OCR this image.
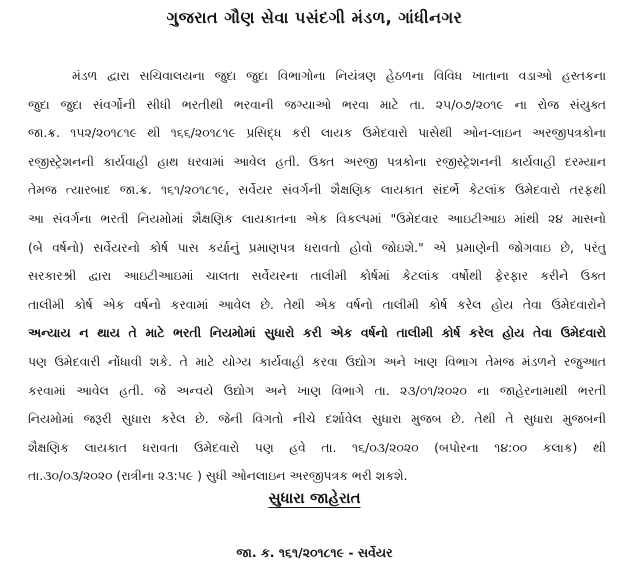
ગુજરાત ગૌણ સેવા પસંદગી મંડળ, ગાંધીનગર
મંડળ દ્વારા સચિવાલયના જુદા જુદા વિભાગોના નિયંત્રણ હેઠળના વિવિધ ખાતાના વડાઓ હસ્તકના
જુદા જુદા સંવર્ગોની સીધી ભરતીથી ભરવાની જગ્યાઓ ભરવા માટે તા. ૨૫/૦૭/૨૦૧૯ ના રોજ સંયુક્ત
જા.ક્ર. ૧૫૨/૨૦૧૮૧૯ થી ૧૬૬/૨૦૧૮૧૯ પ્રસિદ્ધ કરી લાયક ઉમેદવારો પાસેથી ઓન-લાઇન અરજીપત્રકોના
રજીસ્ટ્રેશનની કાર્યવાહી હાથ ધરવામાં આવેલ હતી. ઉક્ત અરજી પત્રકોના રજીસ્ટ્રેશનની કાર્યવાહી દરમ્યાન
તેમજ ત્યારબાદ જા.ક્ર. ૧૬૧/૨૦૧૮૧૯, સર્વેયર સંવર્ગની શૈક્ષણિક લાયકાત સંદર્ભે કેટલાંક ઉમેદવારો તરફથી
આ સંવર્ગના ભરતી નિયમોમાં શૈક્ષણિક લાયકાતના એક વિકલ્પમાં "ઉમેદવાર આઇટીઆઇ માંથી ૨૪ માસનો
(બે વર્ષનો) સર્વેયરનો કોર્ષ પાસ કર્યાનું પ્રમાણપત્ર ધરાવતો હોવો જોઇશે." એ પ્રમાણેની જોગવાઇ છે, પરંતુ
સરકારશ્રી દ્વારા આઇટીઆઇમાં ચાલતા સર્વેયરના તાલીમી કોર્ષમાં કેટલાંક વર્ષોથી ફેરફાર કરીને ઉક્ત
તાલીમી કોર્ષ એક વર્ષનો કરવામાં આવેલ છે. તેથી એક વર્ષનો તાલીમી કોર્ષ કરેલ હોય તેવા ઉમેદવારોને
અન્યાય ન થાય તે માટે ભરતી નિયમોમાં સુધારો કરી એક વર્ષનો તાલીમી કોર્ષ કરેલ હોય તેવા ઉમેદવારો
પણ ઉમેદવારી નોંધાવી શકે. તે માટે યોગ્ય કાર્યવાહી કરવા ઉદ્યોગ અને ખાણ વિભાગ તેમજ મંડળને રજુઆત
કરવામાં આવેલ હતી. જે અન્વયે ઉદ્યોગ અને ખાણ વિભાગે તા. ૨૩/૦૧/૨૦૨૦ ના જાહેરનામાથી ભરતી
નિયમોમાં જરૂરી સુધારા કરેલ છે. જેની વિગતો નીચે દર્શાવેલ સુધારા મુજબ છે. તેથી તે સુધારા મુજબની
શૈક્ષણિક લાયકાત ધરાવતા ઉમેદવારો પણ હવે તા. ૧૬/૦૩/૨૦૨૦ (બપોરના ૧૪:૦૦ કલાક) થી
તા.૩૦/૦૩/૨૦૨૦ (રાત્રીના ૨૩:૫૯ ) સુધી ઓનલાઇન અરજીપત્રક ભરી શકશે.
સુધારા જાહેરાત
જા. ક. ૧૬૧/૨૦૧૮૧૯ - સર્વેયર
